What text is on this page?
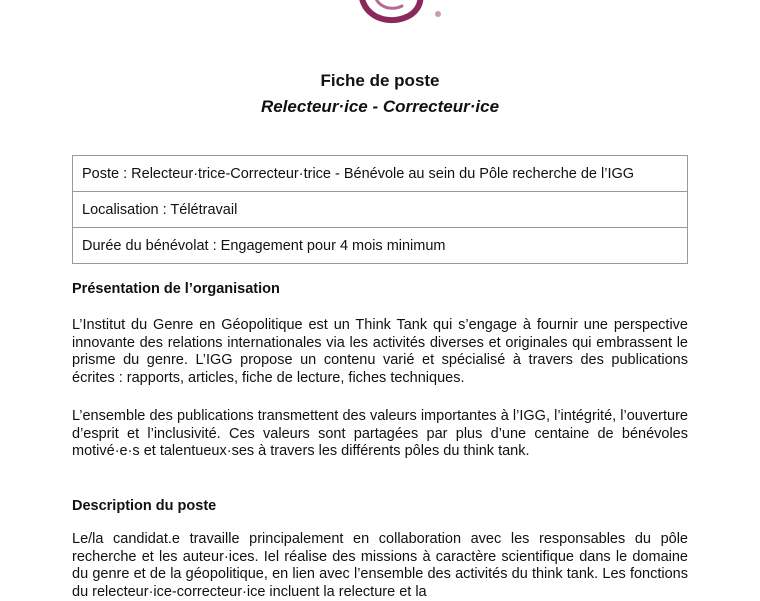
Fiche de poste
Relecteur·ice - Correcteur·ice
Poste : Relecteur·trice-Correcteur·trice - Bénévole au sein du Pôle recherche de l’IGG
Localisation : Télétravail
Durée du bénévolat : Engagement pour 4 mois minimum
Présentation de l’organisation

L’Institut du Genre en Géopolitique est un Think Tank qui s’engage à fournir une perspective innovante des relations internationales via les activités diverses et originales qui embrassent le prisme du genre. L’IGG propose un contenu varié et spécialisé à travers des publications écrites : rapports, articles, fiche de lecture, fiches techniques.

L’ensemble des publications transmettent des valeurs importantes à l’IGG, l’intégrité, l’ouverture d’esprit et l’inclusivité. Ces valeurs sont partagées par plus d’une centaine de bénévoles motivé·e·s et talentueux·ses à travers les différents pôles du think tank.

Description du poste

Le/la candidat.e travaille principalement en collaboration avec les responsables du pôle recherche et les auteur·ices. Iel réalise des missions à caractère scientifique dans le domaine du genre et de la géopolitique, en lien avec l’ensemble des activités du think tank. Les fonctions du relecteur·ice-correcteur·ice incluent la relecture et la
